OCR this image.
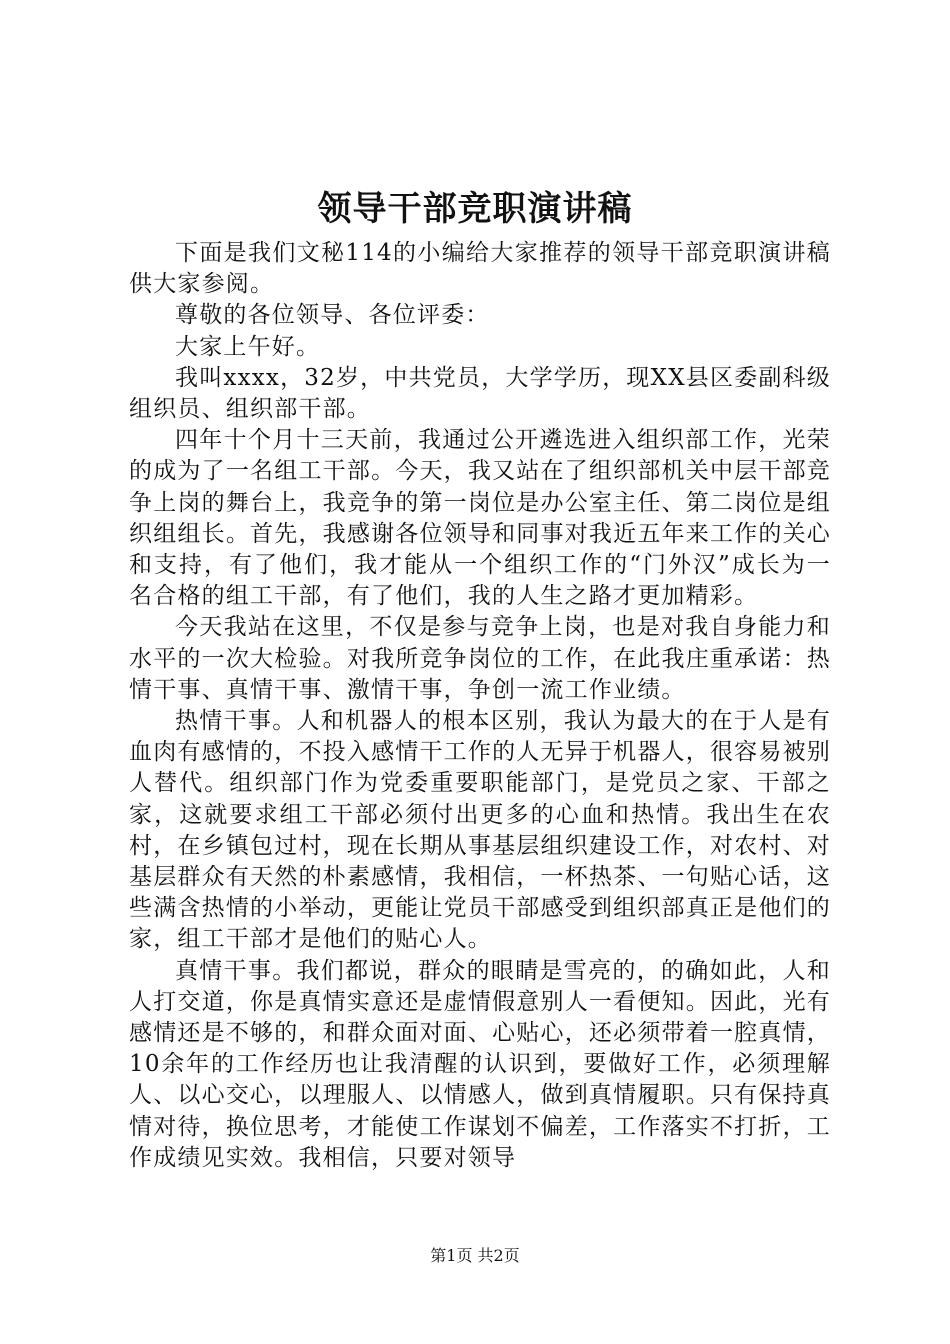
领导干部竞职演讲稿

下面是我们文秘114的小编给大家推荐的领导干部竞职演讲稿供大家参阅。

尊敬的各位领导、各位评委：

大家上午好。

我叫xxxx，32岁，中共党员，大学学历，现XX县区委副科级组织员、组织部干部。

四年十个月十三天前，我通过公开遴选进入组织部工作，光荣的成为了一名组工干部。今天，我又站在了组织部机关中层干部竞争上岗的舞台上，我竞争的第一岗位是办公室主任、第二岗位是组织组组长。首先，我感谢各位领导和同事对我近五年来工作的关心和支持，有了他们，我才能从一个组织工作的“门外汉”成长为一名合格的组工干部，有了他们，我的人生之路才更加精彩。

今天我站在这里，不仅是参与竞争上岗，也是对我自身能力和水平的一次大检验。对我所竞争岗位的工作，在此我庄重承诺：热情干事、真情干事、激情干事，争创一流工作业绩。

热情干事。人和机器人的根本区别，我认为最大的在于人是有血肉有感情的，不投入感情干工作的人无异于机器人，很容易被别人替代。组织部门作为党委重要职能部门，是党员之家、干部之家，这就要求组工干部必须付出更多的心血和热情。我出生在农村，在乡镇包过村，现在长期从事基层组织建设工作，对农村、对基层群众有天然的朴素感情，我相信，一杯热茶、一句贴心话，这些满含热情的小举动，更能让党员干部感受到组织部真正是他们的家，组工干部才是他们的贴心人。

真情干事。我们都说，群众的眼睛是雪亮的，的确如此，人和人打交道，你是真情实意还是虚情假意别人一看便知。因此，光有感情还是不够的，和群众面对面、心贴心，还必须带着一腔真情，10余年的工作经历也让我清醒的认识到，要做好工作，必须理解人、以心交心，以理服人、以情感人，做到真情履职。只有保持真情对待，换位思考，才能使工作谋划不偏差，工作落实不打折，工作成绩见实效。我相信，只要对领导

第1页 共2页
